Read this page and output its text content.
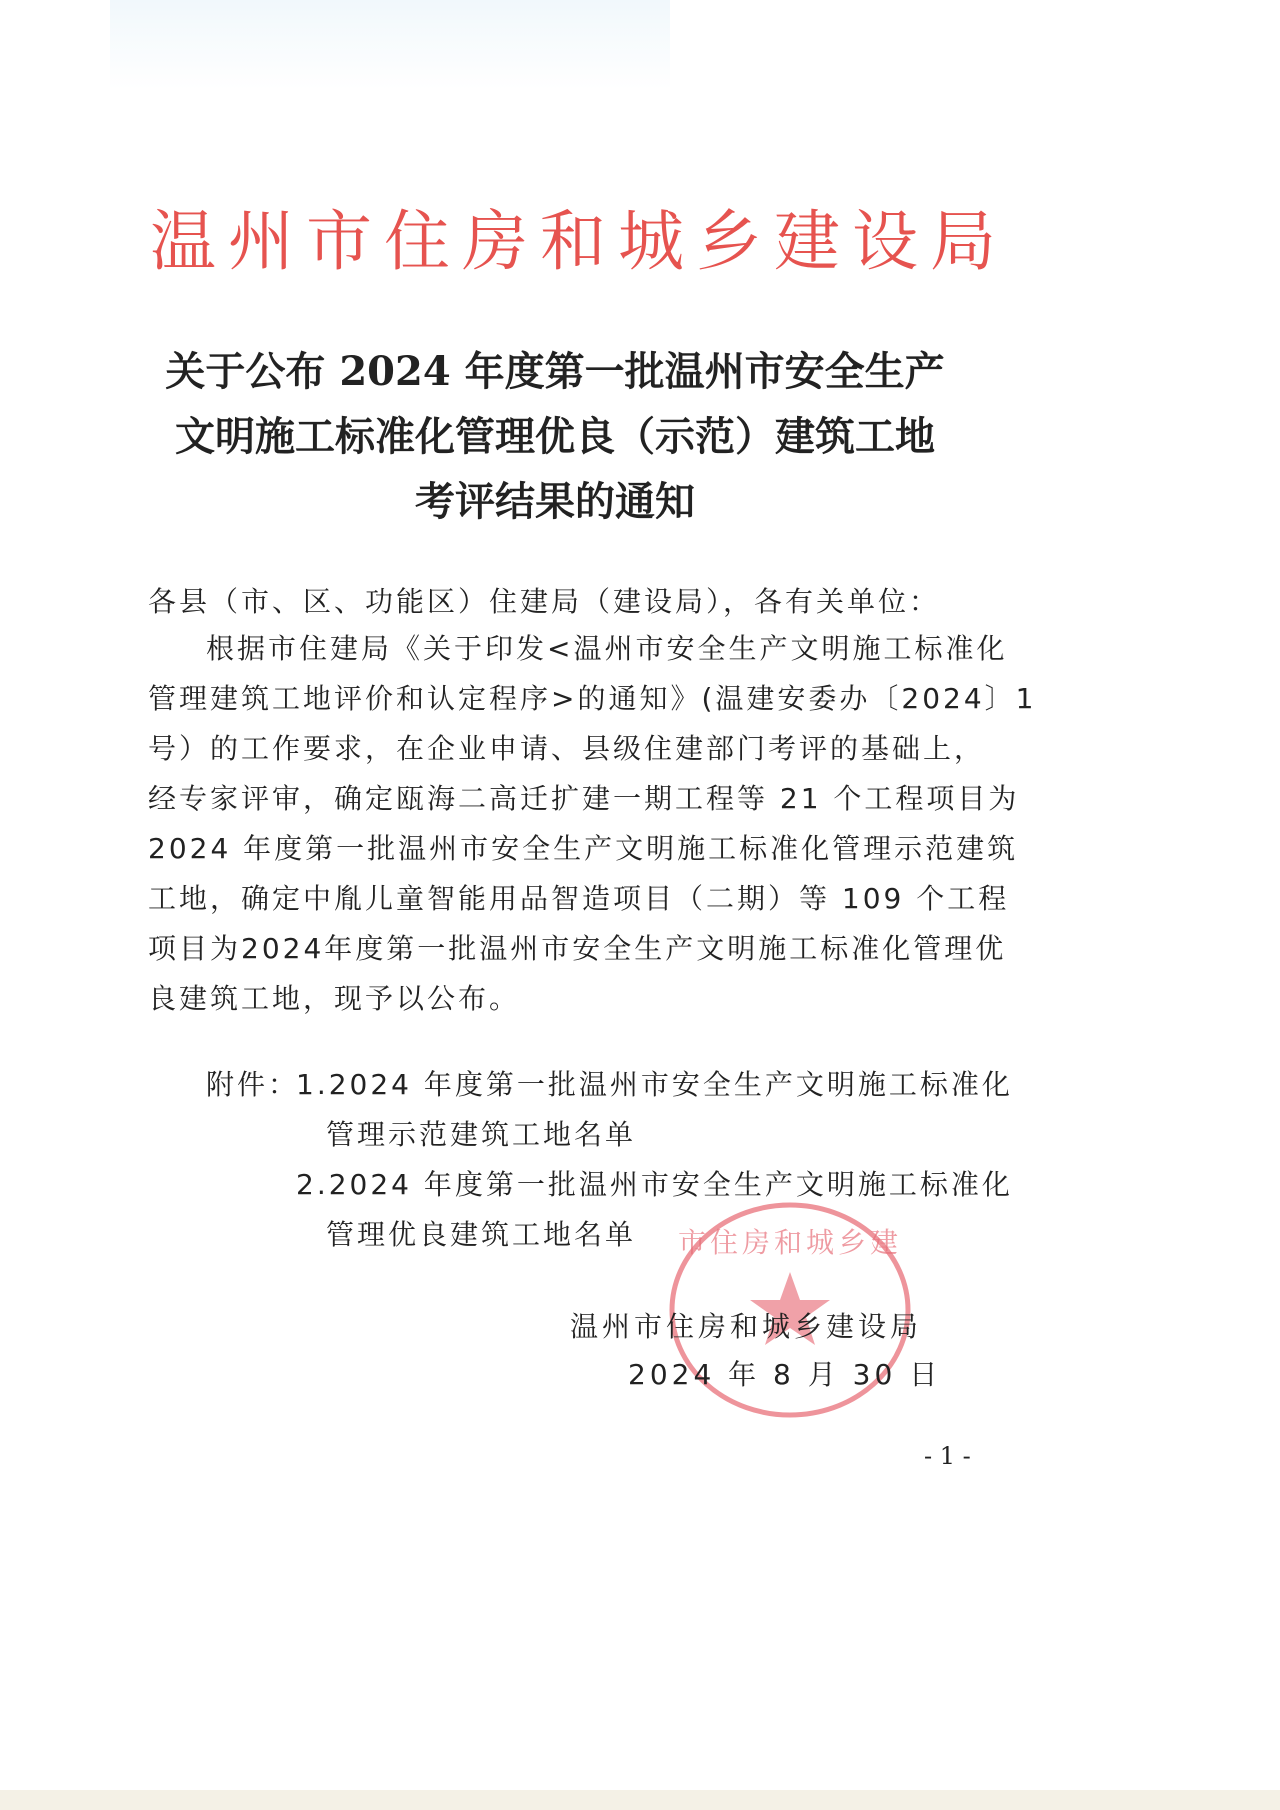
温州市住房和城乡建设局
关于公布 2024 年度第一批温州市安全生产
文明施工标准化管理优良（示范）建筑工地
考评结果的通知
各县（市、区、功能区）住建局（建设局），各有关单位：
根据市住建局《关于印发<温州市安全生产文明施工标准化
管理建筑工地评价和认定程序>的通知》(温建安委办〔2024〕1
号）的工作要求，在企业申请、县级住建部门考评的基础上，
经专家评审，确定瓯海二高迁扩建一期工程等 21 个工程项目为
2024 年度第一批温州市安全生产文明施工标准化管理示范建筑
工地，确定中胤儿童智能用品智造项目（二期）等 109 个工程
项目为2024年度第一批温州市安全生产文明施工标准化管理优
良建筑工地，现予以公布。
附件：
1.2024 年度第一批温州市安全生产文明施工标准化
管理示范建筑工地名单
2.2024 年度第一批温州市安全生产文明施工标准化
管理优良建筑工地名单 市住房和城乡建
温州市住房和城乡建设局
2024 年 8 月 30 日
- 1 -
